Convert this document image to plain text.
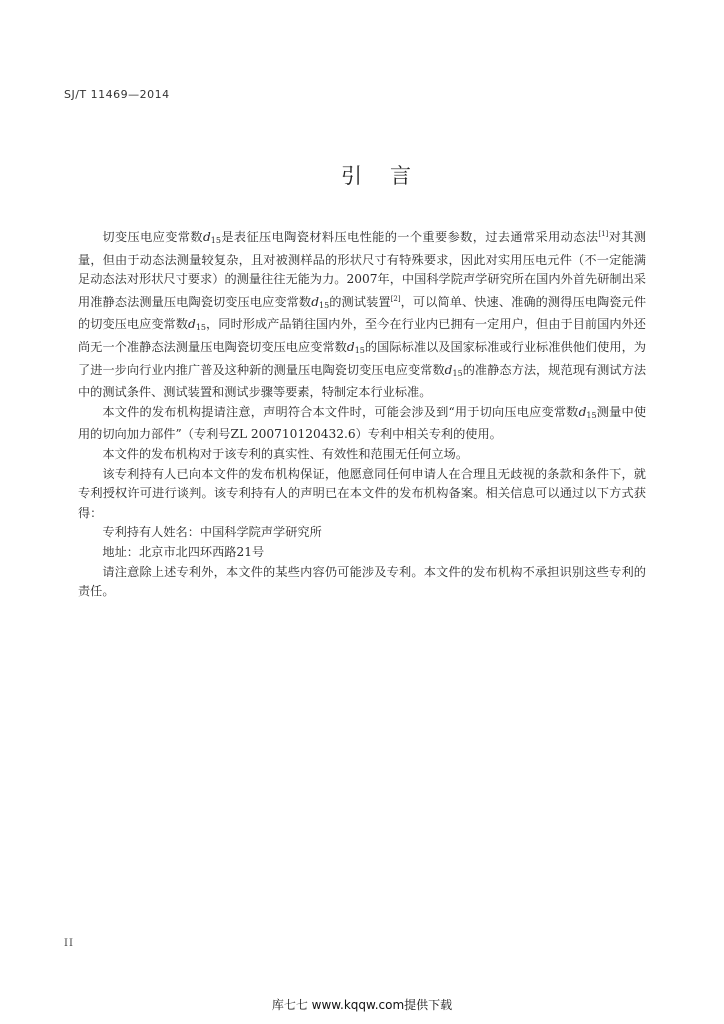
SJ/T 11469—2014
引言

切变压电应变常数$d_{15}$是表征压电陶瓷材料压电性能的一个重要参数，过去通常采用动态法[1]对其测量，但由于动态法测量较复杂，且对被测样品的形状尺寸有特殊要求，因此对实用压电元件（不一定能满足动态法对形状尺寸要求）的测量往往无能为力。2007年，中国科学院声学研究所在国内外首先研制出采用准静态法测量压电陶瓷切变压电应变常数$d_{15}$的测试装置[2]，可以简单、快速、准确的测得压电陶瓷元件的切变压电应变常数$d_{15}$，同时形成产品销往国内外，至今在行业内已拥有一定用户，但由于目前国内外还尚无一个准静态法测量压电陶瓷切变压电应变常数$d_{15}$的国际标准以及国家标准或行业标准供他们使用，为了进一步向行业内推广普及这种新的测量压电陶瓷切变压电应变常数$d_{15}$的准静态方法，规范现有测试方法中的测试条件、测试装置和测试步骤等要素，特制定本行业标准。

本文件的发布机构提请注意，声明符合本文件时，可能会涉及到“用于切向压电应变常数$d_{15}$测量中使用的切向加力部件”（专利号ZL 200710120432.6）专利中相关专利的使用。

本文件的发布机构对于该专利的真实性、有效性和范围无任何立场。

该专利持有人已向本文件的发布机构保证，他愿意同任何申请人在合理且无歧视的条款和条件下，就专利授权许可进行谈判。该专利持有人的声明已在本文件的发布机构备案。相关信息可以通过以下方式获得：

专利持有人姓名：中国科学院声学研究所

地址：北京市北四环西路21号

请注意除上述专利外，本文件的某些内容仍可能涉及专利。本文件的发布机构不承担识别这些专利的责任。

II
库七七 www.kqqw.com提供下载
